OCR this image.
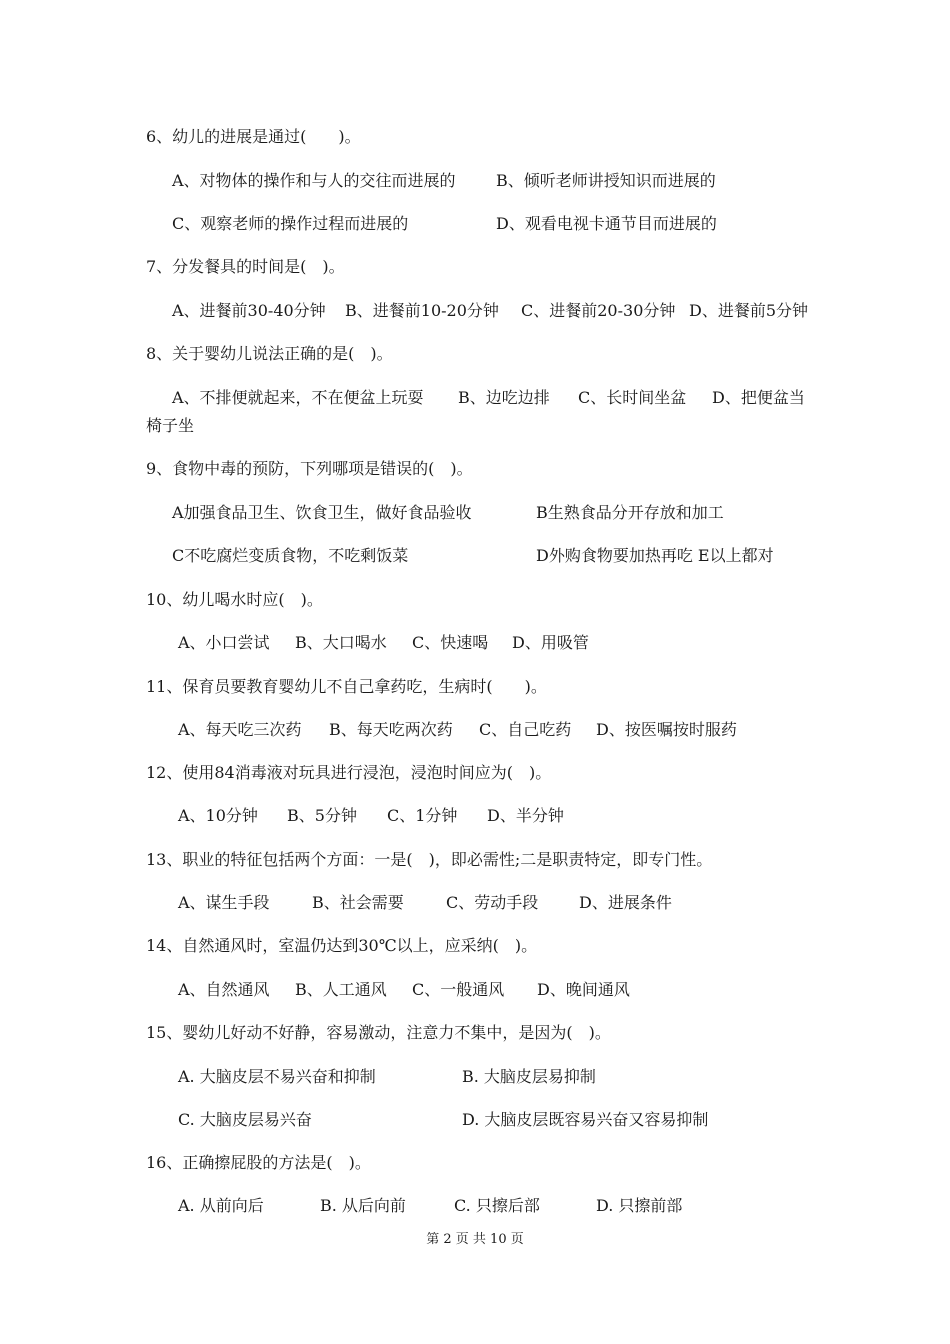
6、幼儿的进展是通过(　　)。
A、对物体的操作和与人的交往而进展的	B、倾听老师讲授知识而进展的
C、观察老师的操作过程而进展的	D、观看电视卡通节目而进展的
7、分发餐具的时间是(　)。
A、进餐前30-40分钟 B、进餐前10-20分钟 C、进餐前20-30分钟 D、进餐前5分钟
8、关于婴幼儿说法正确的是(　)。
A、不排便就起来，不在便盆上玩耍 B、边吃边排 C、长时间坐盆 D、把便盆当
椅子坐
9、食物中毒的预防，下列哪项是错误的(　)。
A加强食品卫生、饮食卫生，做好食品验收	B生熟食品分开存放和加工
C不吃腐烂变质食物，不吃剩饭菜	D外购食物要加热再吃 E以上都对
10、幼儿喝水时应(　)。
A、小口尝试 B、大口喝水 C、快速喝 D、用吸管
11、保育员要教育婴幼儿不自己拿药吃，生病时(　　)。
A、每天吃三次药 B、每天吃两次药 C、自己吃药 D、按医嘱按时服药
12、使用84消毒液对玩具进行浸泡，浸泡时间应为(　)。
A、10分钟 B、5分钟 C、1分钟 D、半分钟
13、职业的特征包括两个方面：一是(　)，即必需性;二是职责特定，即专门性。
A、谋生手段	B、社会需要	C、劳动手段	D、进展条件
14、自然通风时，室温仍达到30℃以上，应采纳(　)。
A、自然通风 B、人工通风 C、一般通风 D、晚间通风
15、婴幼儿好动不好静，容易激动，注意力不集中，是因为(　)。
A. 大脑皮层不易兴奋和抑制	B. 大脑皮层易抑制
C. 大脑皮层易兴奋	D. 大脑皮层既容易兴奋又容易抑制
16、正确擦屁股的方法是(　)。
A. 从前向后	B. 从后向前	C. 只擦后部	D. 只擦前部
第 2 页 共 10 页
